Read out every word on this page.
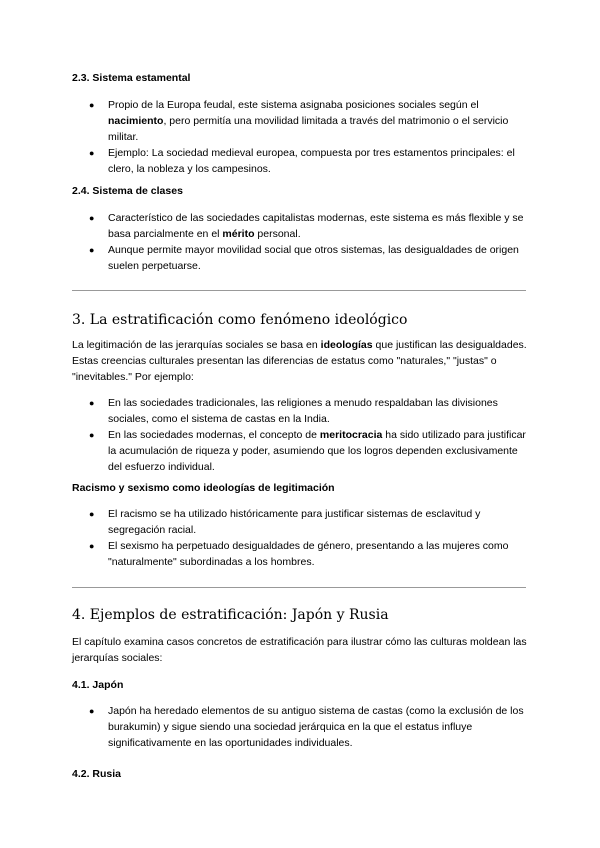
2.3. Sistema estamental
● Propio de la Europa feudal, este sistema asignaba posiciones sociales según el nacimiento, pero permitía una movilidad limitada a través del matrimonio o el servicio militar.
● Ejemplo: La sociedad medieval europea, compuesta por tres estamentos principales: el clero, la nobleza y los campesinos.
2.4. Sistema de clases
● Característico de las sociedades capitalistas modernas, este sistema es más flexible y se basa parcialmente en el mérito personal.
● Aunque permite mayor movilidad social que otros sistemas, las desigualdades de origen suelen perpetuarse.
3. La estratificación como fenómeno ideológico

La legitimación de las jerarquías sociales se basa en ideologías que justifican las desigualdades. Estas creencias culturales presentan las diferencias de estatus como "naturales," "justas" o "inevitables." Por ejemplo:

● En las sociedades tradicionales, las religiones a menudo respaldaban las divisiones sociales, como el sistema de castas en la India.
● En las sociedades modernas, el concepto de meritocracia ha sido utilizado para justificar la acumulación de riqueza y poder, asumiendo que los logros dependen exclusivamente del esfuerzo individual.
Racismo y sexismo como ideologías de legitimación
● El racismo se ha utilizado históricamente para justificar sistemas de esclavitud y segregación racial.
● El sexismo ha perpetuado desigualdades de género, presentando a las mujeres como "naturalmente" subordinadas a los hombres.
4. Ejemplos de estratificación: Japón y Rusia

El capítulo examina casos concretos de estratificación para ilustrar cómo las culturas moldean las jerarquías sociales:

4.1. Japón
● Japón ha heredado elementos de su antiguo sistema de castas (como la exclusión de los burakumin) y sigue siendo una sociedad jerárquica en la que el estatus influye significativamente en las oportunidades individuales.
4.2. Rusia
